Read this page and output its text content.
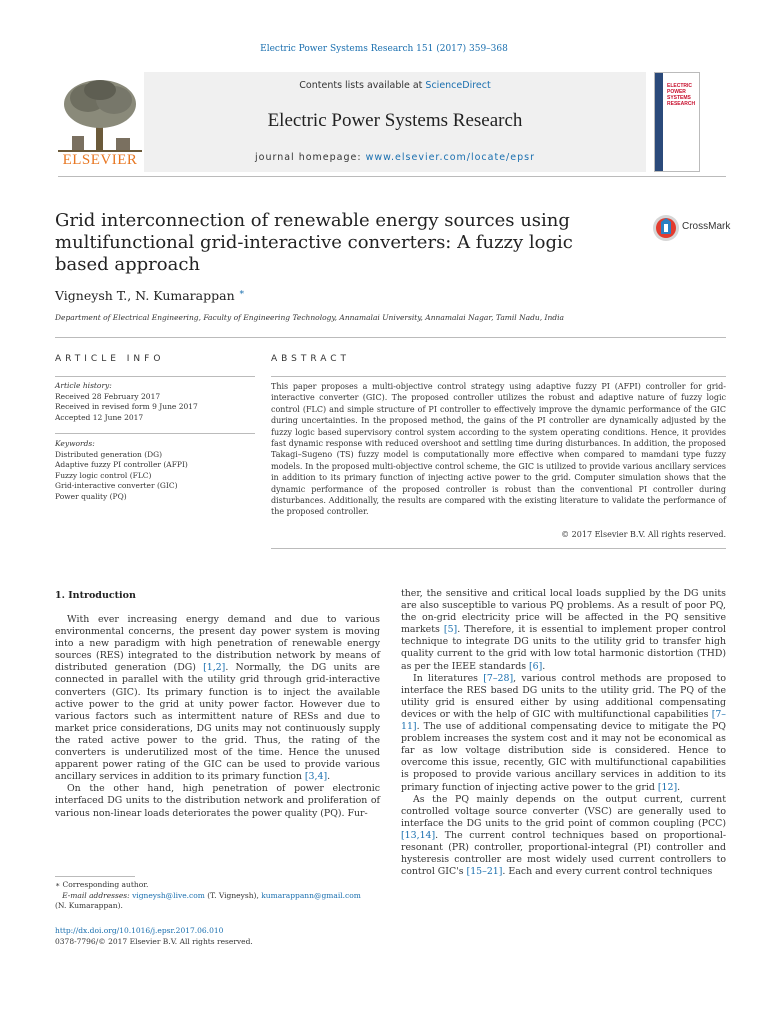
Electric Power Systems Research 151 (2017) 359–368
ELSEVIER
Contents lists available at ScienceDirect
Electric Power Systems Research
journal homepage: www.elsevier.com/locate/epsr
ELECTRIC POWER SYSTEMS RESEARCH
Grid interconnection of renewable energy sources using multifunctional grid-interactive converters: A fuzzy logic based approach
CrossMark
Vigneysh T., N. Kumarappan ∗
Department of Electrical Engineering, Faculty of Engineering Technology, Annamalai University, Annamalai Nagar, Tamil Nadu, India
ARTICLE INFO	ABSTRACT
Article history:
Received 28 February 2017
Received in revised form 9 June 2017
Accepted 12 June 2017
Keywords:
Distributed generation (DG)
Adaptive fuzzy PI controller (AFPI)
Fuzzy logic control (FLC)
Grid-interactive converter (GIC)
Power quality (PQ)
This paper proposes a multi-objective control strategy using adaptive fuzzy PI (AFPI) controller for grid-interactive converter (GIC). The proposed controller utilizes the robust and adaptive nature of fuzzy logic control (FLC) and simple structure of PI controller to effectively improve the dynamic performance of the GIC during uncertainties. In the proposed method, the gains of the PI controller are dynamically adjusted by the fuzzy logic based supervisory control system according to the system operating conditions. Hence, it provides fast dynamic response with reduced overshoot and settling time during disturbances. In addition, the proposed Takagi–Sugeno (TS) fuzzy model is computationally more effective when compared to mamdani type fuzzy models. In the proposed multi-objective control scheme, the GIC is utilized to provide various ancillary services in addition to its primary function of injecting active power to the grid. Computer simulation shows that the dynamic performance of the proposed controller is robust than the conventional PI controller during disturbances. Additionally, the results are compared with the existing literature to validate the performance of the proposed controller.
© 2017 Elsevier B.V. All rights reserved.
1. Introduction

With ever increasing energy demand and due to various environmental concerns, the present day power system is moving into a new paradigm with high penetration of renewable energy sources (RES) integrated to the distribution network by means of distributed generation (DG) [1,2]. Normally, the DG units are connected in parallel with the utility grid through grid-interactive converters (GIC). Its primary function is to inject the available active power to the grid at unity power factor. However due to various factors such as intermittent nature of RESs and due to market price considerations, DG units may not continuously supply the rated active power to the grid. Thus, the rating of the converters is underutilized most of the time. Hence the unused apparent power rating of the GIC can be used to provide various ancillary services in addition to its primary function [3,4].

On the other hand, high penetration of power electronic interfaced DG units to the distribution network and proliferation of various non-linear loads deteriorates the power quality (PQ). Fur-

ther, the sensitive and critical local loads supplied by the DG units are also susceptible to various PQ problems. As a result of poor PQ, the on-grid electricity price will be affected in the PQ sensitive markets [5]. Therefore, it is essential to implement proper control technique to integrate DG units to the utility grid to transfer high quality current to the grid with low total harmonic distortion (THD) as per the IEEE standards [6].

In literatures [7–28], various control methods are proposed to interface the RES based DG units to the utility grid. The PQ of the utility grid is ensured either by using additional compensating devices or with the help of GIC with multifunctional capabilities [7–11]. The use of additional compensating device to mitigate the PQ problem increases the system cost and it may not be economical as far as low voltage distribution side is considered. Hence to overcome this issue, recently, GIC with multifunctional capabilities is proposed to provide various ancillary services in addition to its primary function of injecting active power to the grid [12].

As the PQ mainly depends on the output current, current controlled voltage source converter (VSC) are generally used to interface the DG units to the grid point of common coupling (PCC) [13,14]. The current control techniques based on proportional-resonant (PR) controller, proportional-integral (PI) controller and hysteresis controller are most widely used current controllers to control GIC's [15–21]. Each and every current control techniques

∗ Corresponding author.
E-mail addresses: vigneysh@live.com (T. Vigneysh), kumarappann@gmail.com
(N. Kumarappan).
http://dx.doi.org/10.1016/j.epsr.2017.06.010
0378-7796/© 2017 Elsevier B.V. All rights reserved.
